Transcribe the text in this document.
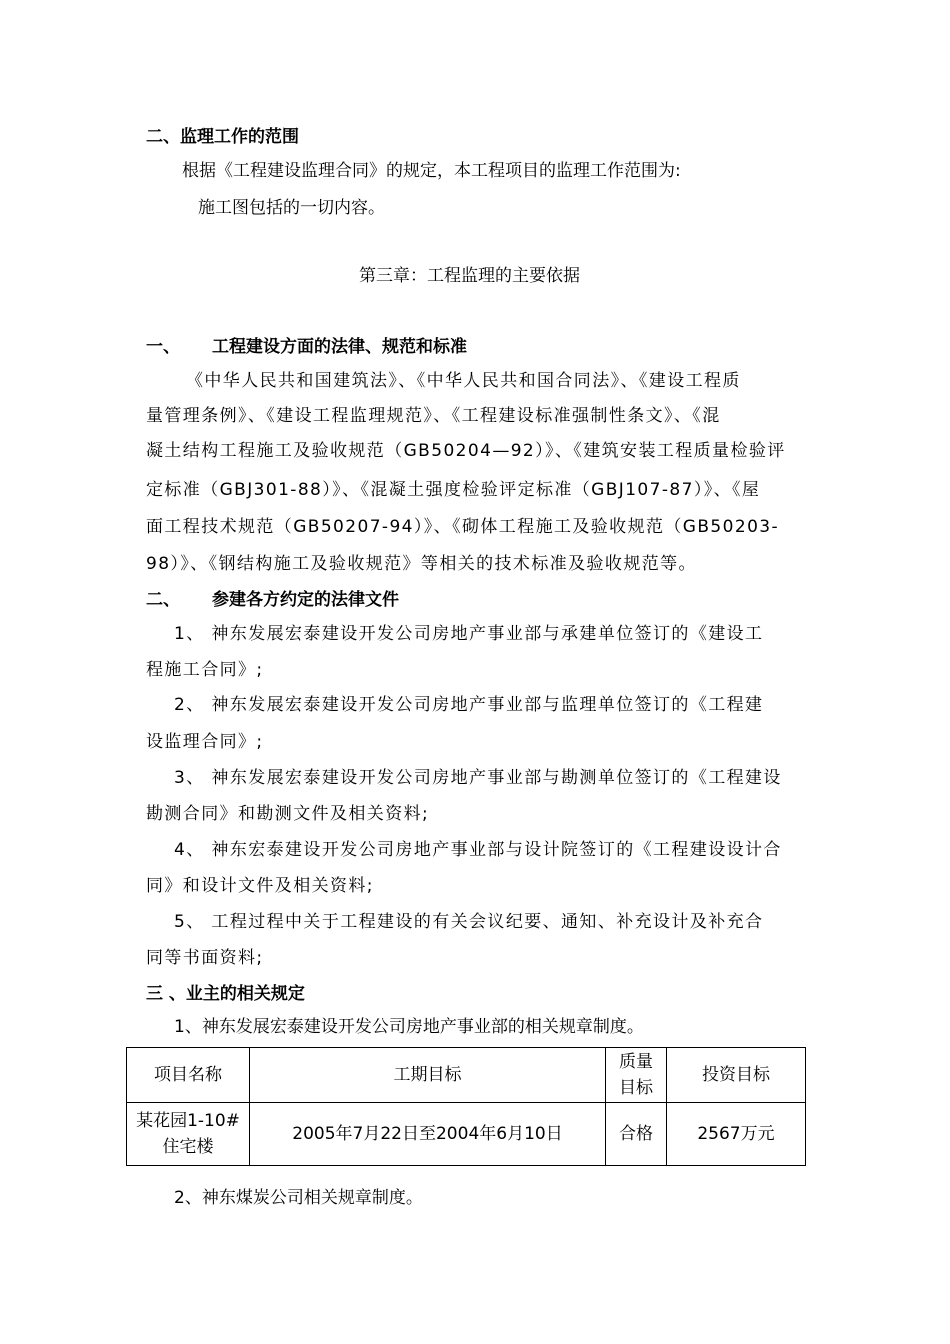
二、监理工作的范围
根据《工程建设监理合同》的规定，本工程项目的监理工作范围为:
施工图包括的一切内容。
第三章：工程监理的主要依据
一、 工程建设方面的法律、规范和标准
《中华人民共和国建筑法》、《中华人民共和国合同法》、《建设工程质
量管理条例》、《建设工程监理规范》、《工程建设标准强制性条文》、《混
凝土结构工程施工及验收规范（GB50204—92）》、《建筑安装工程质量检验评
定标准（GBJ301-88）》、《混凝土强度检验评定标准（GBJ107-87）》、《屋
面工程技术规范（GB50207-94）》、《砌体工程施工及验收规范（GB50203-
98）》、《钢结构施工及验收规范》等相关的技术标准及验收规范等。
二、 参建各方约定的法律文件
1、 神东发展宏泰建设开发公司房地产事业部与承建单位签订的《建设工
程施工合同》;
2、 神东发展宏泰建设开发公司房地产事业部与监理单位签订的《工程建
设监理合同》;
3、 神东发展宏泰建设开发公司房地产事业部与勘测单位签订的《工程建设
勘测合同》和勘测文件及相关资料;
4、 神东宏泰建设开发公司房地产事业部与设计院签订的《工程建设设计合
同》和设计文件及相关资料;
5、 工程过程中关于工程建设的有关会议纪要、通知、补充设计及补充合
同等书面资料;
三 、业主的相关规定
1、神东发展宏泰建设开发公司房地产事业部的相关规章制度。
项目名称	工期目标	质量目标	投资目标
某花园1-10#住宅楼	2005年7月22日至2004年6月10日	合格	2567万元
2、神东煤炭公司相关规章制度。
